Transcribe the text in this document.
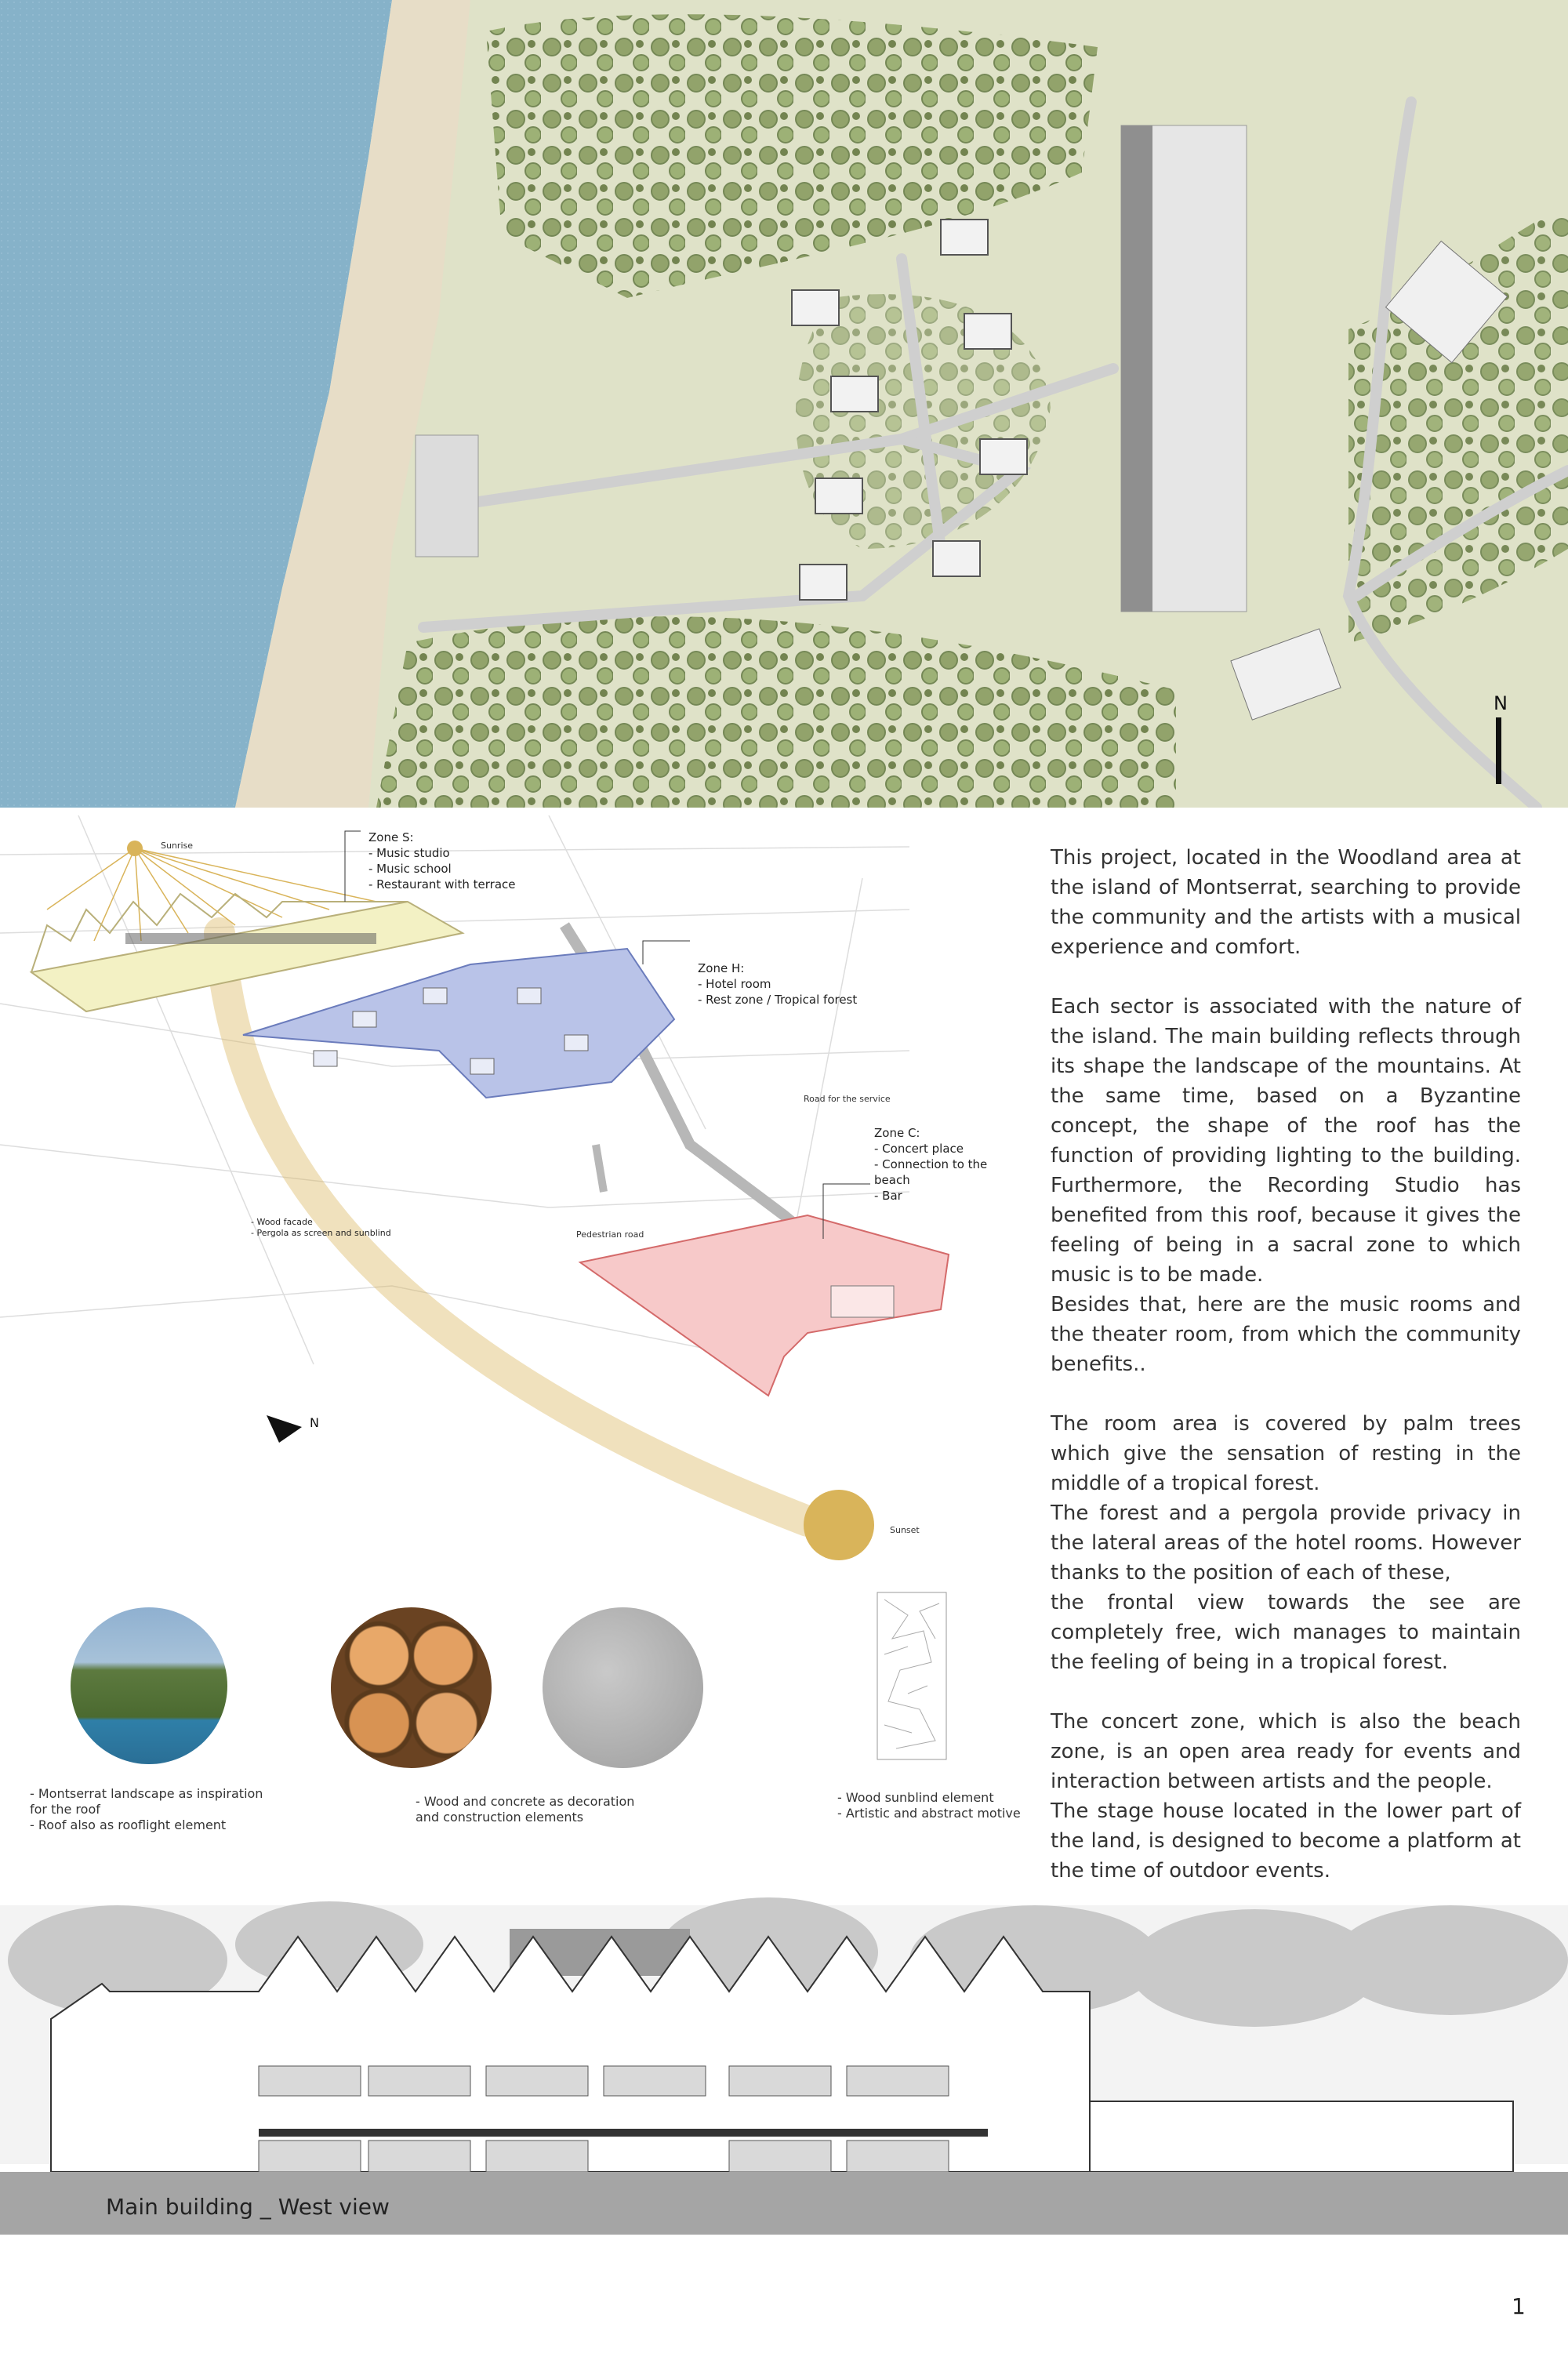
N
Sunrise
N
Sunset
Road for the service
Pedestrian road
Zone S:
- Music studio
- Music school
- Restaurant with terrace
Zone H:
- Hotel room
- Rest zone / Tropical forest
Zone C:
- Concert place
- Connection to the
beach
- Bar
- Wood facade
- Pergola as screen and sunblind

This project, located in the Woodland area at the island of Montserrat, searching to provide the community and the artists with a musical experience and comfort.

Each sector is associated with the nature of the island. The main building reflects through its shape the landscape of the mountains. At the same time, based on a Byzantine concept, the shape of the roof has the function of providing lighting to the building. Furthermore, the Recording Studio has benefited from this roof, because it gives the feeling of being in a sacral zone to which music is to be made.
Besides that, here are the music rooms and the theater room, from which the community benefits..

The room area is covered by palm trees which give the sensation of resting in the middle of a tropical forest.
The forest and a pergola provide privacy in the lateral areas of the hotel rooms. However thanks to the position of each of these,
the frontal view towards the see are completely free, wich manages to maintain the feeling of being in a tropical forest.

The concert zone, which is also the beach zone, is an open area ready for events and interaction between artists and the people.
The stage house located in the lower part of the land, is designed to become a platform at the time of outdoor events.

- Montserrat landscape as inspiration
for the roof
- Roof also as rooflight element
- Wood and concrete as decoration
and construction elements
- Wood sunblind element
- Artistic and abstract motive
Main building _ West view
1
